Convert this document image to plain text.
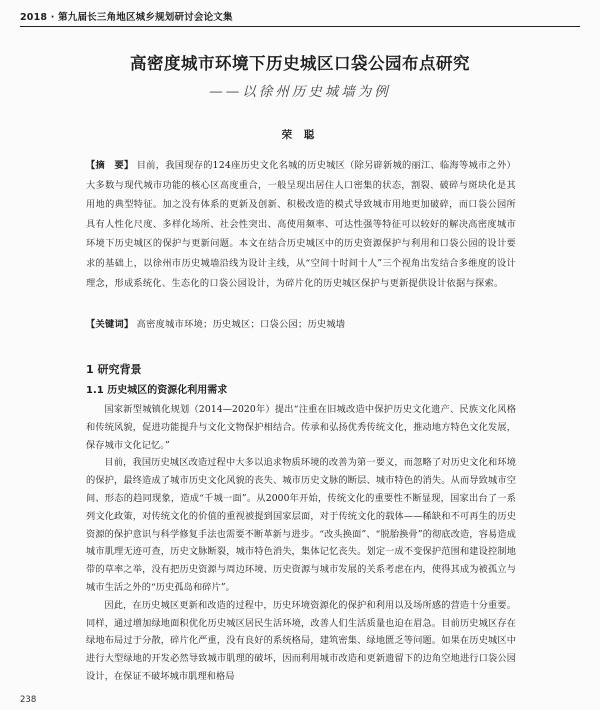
2018 · 第九届长三角地区城乡规划研讨会论文集
高密度城市环境下历史城区口袋公园布点研究
——以徐州历史城墙为例
荣 聪
【摘　要】 目前，我国现存的124座历史文化名城的历史城区（除另辟新城的丽江、临海等城市之外）大多数与现代城市功能的核心区高度重合，一般呈现出居住人口密集的状态，割裂、破碎与斑块化是其用地的典型特征。加之没有体系的更新及创新、积极改造的模式导致城市用地更加破碎，而口袋公园所具有人性化尺度、多样化场所、社会性突出、高使用频率、可达性强等特征可以较好的解决高密度城市环境下历史城区的保护与更新问题。本文在结合历史城区中的历史资源保护与利用和口袋公园的设计要求的基础上，以徐州市历史城墙沿线为设计主线，从“空间十时间十人”三个视角出发结合多维度的设计理念，形成系统化、生态化的口袋公园设计，为碎片化的历史城区保护与更新提供设计依据与探索。
【关键词】 高密度城市环境；历史城区；口袋公园；历史城墙
1 研究背景
1.1 历史城区的资源化利用需求

国家新型城镇化规划（2014—2020年）提出“注重在旧城改造中保护历史文化遗产、民族文化风格和传统风貌，促进功能提升与文化文物保护相结合。传承和弘扬优秀传统文化，推动地方特色文化发展，保存城市文化记忆。”

目前，我国历史城区改造过程中大多以追求物质环境的改善为第一要义，而忽略了对历史文化和环境的保护，最终造成了城市历史文化风貌的丧失、城市历史文脉的断层、城市特色的消失。从而导致城市空间、形态的趋同现象，造成“千城一面”。从2000年开始，传统文化的重要性不断显现，国家出台了一系列文化政策，对传统文化的价值的重视被提到国家层面，对于传统文化的载体——稀缺和不可再生的历史资源的保护意识与科学修复手法也需要不断革新与进步。“改头换面”、“脱胎换骨”的彻底改造，容易造成城市肌理无迹可查，历史文脉断裂，城市特色消失，集体记忆丧失。划定一成不变保护范围和建设控制地带的草率之举，没有把历史资源与周边环境、历史资源与城市发展的关系考虑在内，使得其成为被孤立与城市生活之外的“历史孤岛和碎片”。

因此，在历史城区更新和改造的过程中，历史环境资源化的保护和利用以及场所感的营造十分重要。同样，通过增加绿地面积优化历史城区居民生活环境，改善人们生活质量也迫在眉急。目前历史城区存在绿地布局过于分散，碎片化严重，没有良好的系统格局，建筑密集、绿地匮乏等问题。如果在历史城区中进行大型绿地的开发必然导致城市肌理的破坏，因而利用城市改造和更新遗留下的边角空地进行口袋公园设计，在保证不破坏城市肌理和格局

238
